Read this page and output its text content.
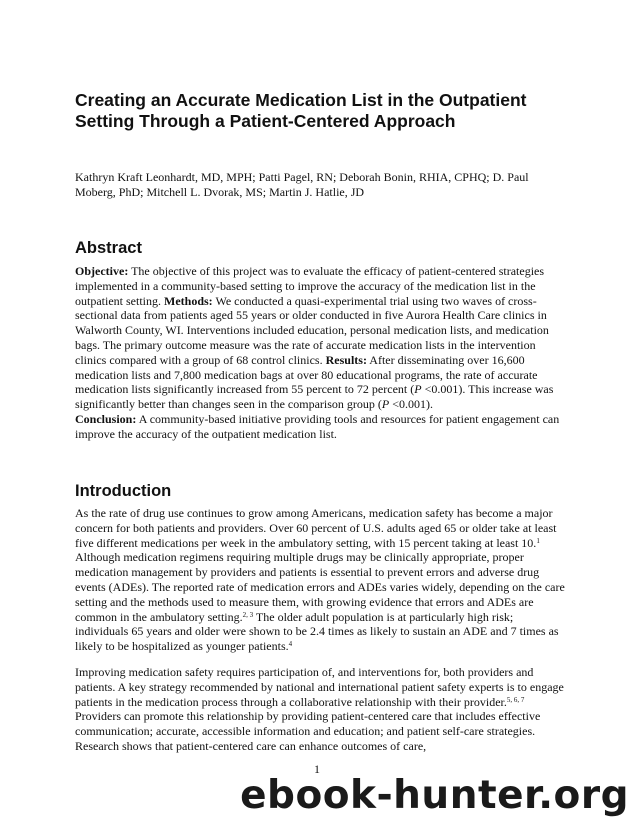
Creating an Accurate Medication List in the Outpatient Setting Through a Patient-Centered Approach

Kathryn Kraft Leonhardt, MD, MPH; Patti Pagel, RN; Deborah Bonin, RHIA, CPHQ; D. Paul Moberg, PhD; Mitchell L. Dvorak, MS; Martin J. Hatlie, JD

Abstract

Objective: The objective of this project was to evaluate the efficacy of patient-centered strategies implemented in a community-based setting to improve the accuracy of the medication list in the outpatient setting. Methods: We conducted a quasi-experimental trial using two waves of cross-sectional data from patients aged 55 years or older conducted in five Aurora Health Care clinics in Walworth County, WI. Interventions included education, personal medication lists, and medication bags. The primary outcome measure was the rate of accurate medication lists in the intervention clinics compared with a group of 68 control clinics. Results: After disseminating over 16,600 medication lists and 7,800 medication bags at over 80 educational programs, the rate of accurate medication lists significantly increased from 55 percent to 72 percent (P <0.001). This increase was significantly better than changes seen in the comparison group (P <0.001).
Conclusion: A community-based initiative providing tools and resources for patient engagement can improve the accuracy of the outpatient medication list.

Introduction

As the rate of drug use continues to grow among Americans, medication safety has become a major concern for both patients and providers. Over 60 percent of U.S. adults aged 65 or older take at least five different medications per week in the ambulatory setting, with 15 percent taking at least 10.$^1$ Although medication regimens requiring multiple drugs may be clinically appropriate, proper medication management by providers and patients is essential to prevent errors and adverse drug events (ADEs). The reported rate of medication errors and ADEs varies widely, depending on the care setting and the methods used to measure them, with growing evidence that errors and ADEs are common in the ambulatory setting.$^{2, 3}$ The older adult population is at particularly high risk; individuals 65 years and older were shown to be 2.4 times as likely to sustain an ADE and 7 times as likely to be hospitalized as younger patients.$^4$

Improving medication safety requires participation of, and interventions for, both providers and patients. A key strategy recommended by national and international patient safety experts is to engage patients in the medication process through a collaborative relationship with their provider.$^{5, 6, 7}$ Providers can promote this relationship by providing patient-centered care that includes effective communication; accurate, accessible information and education; and patient self-care strategies. Research shows that patient-centered care can enhance outcomes of care,

1

ebook-hunter.org
